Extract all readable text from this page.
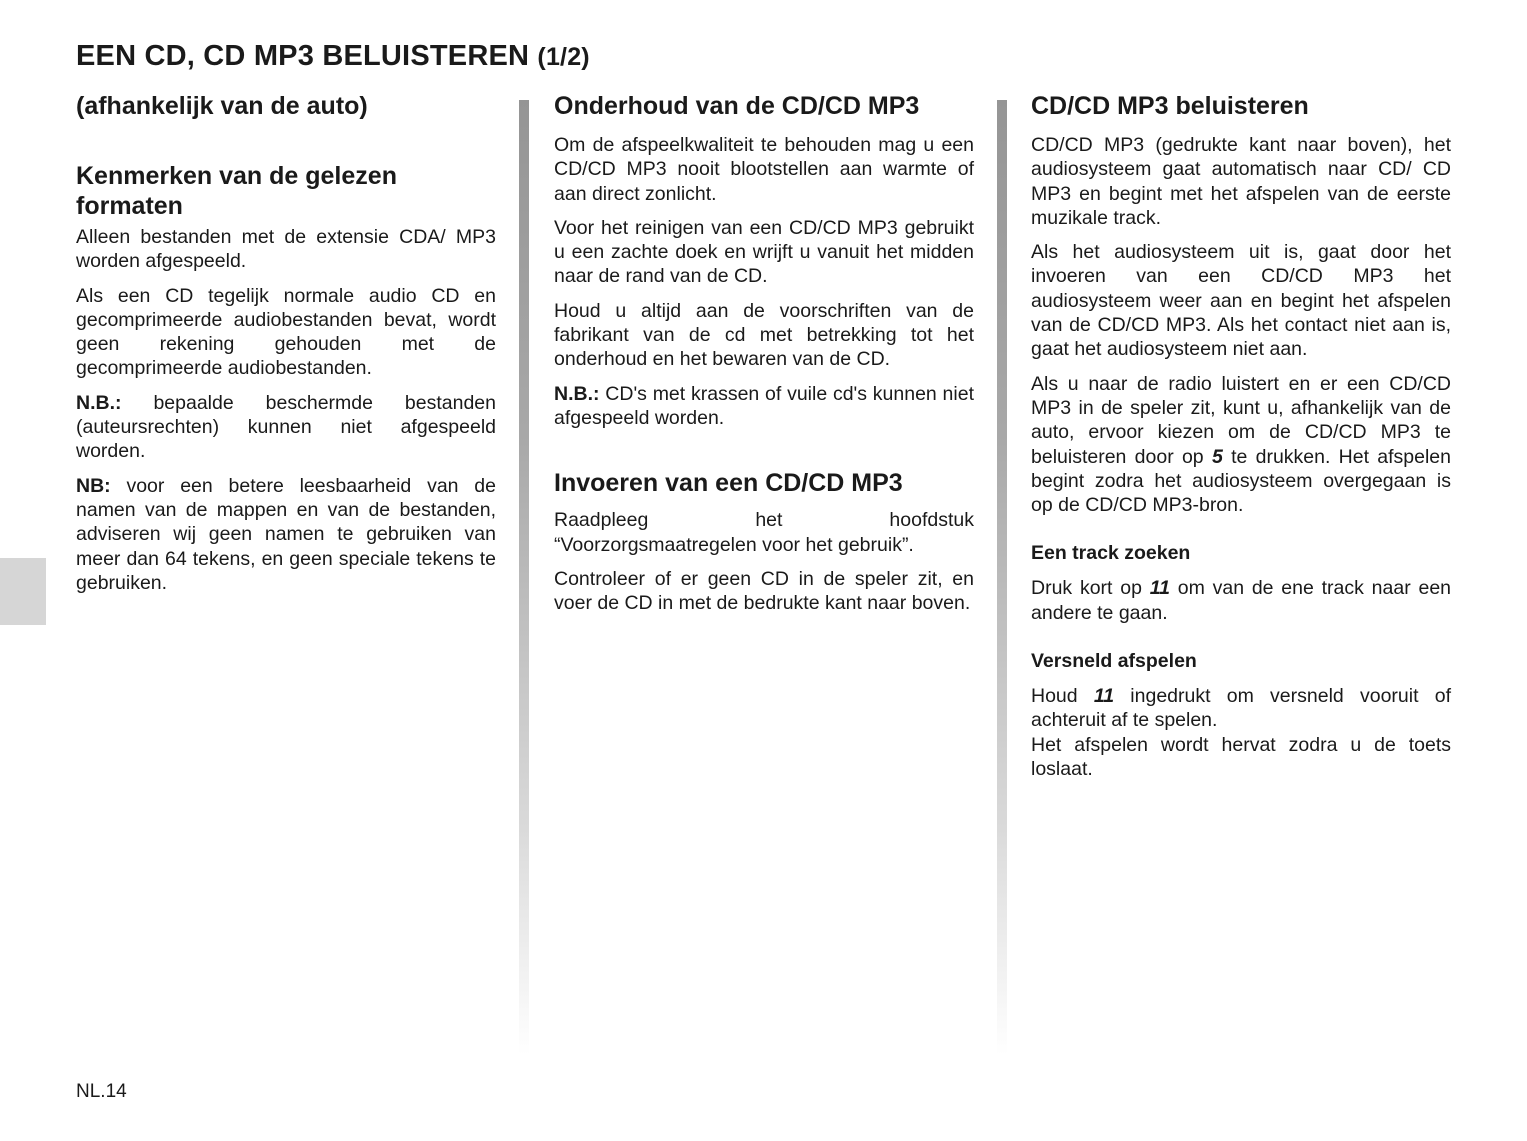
EEN CD, CD MP3 BELUISTEREN (1/2)
(afhankelijk van de auto)
Kenmerken van de gelezen
formaten

Alleen bestanden met de extensie CDA/ MP3 worden afgespeeld.

Als een CD tegelijk normale audio CD en gecomprimeerde audiobestanden bevat, wordt geen rekening gehouden met de gecomprimeerde audiobestanden.

N.B.: bepaalde beschermde bestanden (auteursrechten) kunnen niet afgespeeld worden.

NB: voor een betere leesbaarheid van de namen van de mappen en van de bestanden, adviseren wij geen namen te gebruiken van meer dan 64 tekens, en geen speciale tekens te gebruiken.

Onderhoud van de CD/CD MP3

Om de afspeelkwaliteit te behouden mag u een CD/CD MP3 nooit blootstellen aan warmte of aan direct zonlicht.

Voor het reinigen van een CD/CD MP3 gebruikt u een zachte doek en wrijft u vanuit het midden naar de rand van de CD.

Houd u altijd aan de voorschriften van de fabrikant van de cd met betrekking tot het onderhoud en het bewaren van de CD.

N.B.: CD's met krassen of vuile cd's kunnen niet afgespeeld worden.

Invoeren van een CD/CD MP3

Raadpleeg het hoofdstuk
“Voorzorgsmaatregelen voor het gebruik”.

Controleer of er geen CD in de speler zit, en voer de CD in met de bedrukte kant naar boven.

CD/CD MP3 beluisteren

CD/CD MP3 (gedrukte kant naar boven), het audiosysteem gaat automatisch naar CD/ CD MP3 en begint met het afspelen van de eerste muzikale track.

Als het audiosysteem uit is, gaat door het invoeren van een CD/CD MP3 het audiosysteem weer aan en begint het afspelen van de CD/CD MP3. Als het contact niet aan is, gaat het audiosysteem niet aan.

Als u naar de radio luistert en er een CD/CD MP3 in de speler zit, kunt u, afhankelijk van de auto, ervoor kiezen om de CD/CD MP3 te beluisteren door op 5 te drukken. Het afspelen begint zodra het audiosysteem overgegaan is op de CD/CD MP3-bron.

Een track zoeken

Druk kort op 11 om van de ene track naar een andere te gaan.

Versneld afspelen

Houd 11 ingedrukt om versneld vooruit of achteruit af te spelen.

Het afspelen wordt hervat zodra u de toets loslaat.

NL.14
